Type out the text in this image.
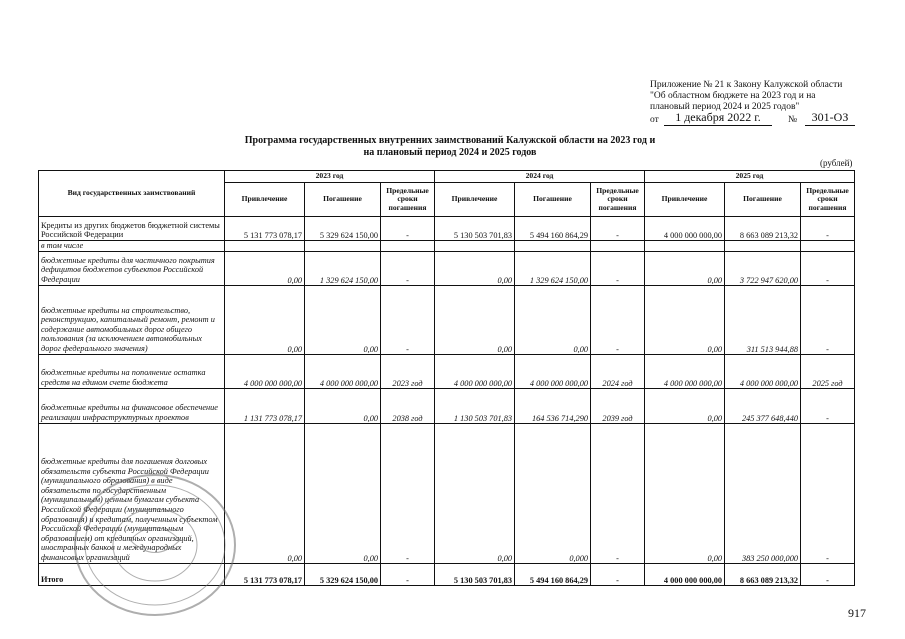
Приложение № 21 к Закону Калужской области
"Об областном бюджете на 2023 год и на
плановый период 2024 и 2025 годов"
от	1 декабря 2022 г.	№	301-ОЗ
Программа государственных внутренних заимствований Калужской области на 2023 год и
на плановый период 2024 и 2025 годов
(рублей)
Вид государственных заимствований	2023 год			2024 год			2025 год		
	Привлечение	Погашение	Предельные сроки погашения	Привлечение	Погашение	Предельные сроки погашения	Привлечение	Погашение	Предельные сроки погашения
Кредиты из других бюджетов бюджетной системы Российской Федерации	5 131 773 078,17	5 329 624 150,00	-	5 130 503 701,83	5 494 160 864,29	-	4 000 000 000,00	8 663 089 213,32	-
в том числе									
бюджетные кредиты для частичного покрытия дефицитов бюджетов субъектов Российской Федерации	0,00	1 329 624 150,00	-	0,00	1 329 624 150,00	-	0,00	3 722 947 620,00	-
бюджетные кредиты на строительство, реконструкцию, капитальный ремонт, ремонт и содержание автомобильных дорог общего пользования (за исключением автомобильных дорог федерального значения)	0,00	0,00	-	0,00	0,00	-	0,00	311 513 944,88	-
бюджетные кредиты на пополнение остатка средств на едином счете бюджета	4 000 000 000,00	4 000 000 000,00	2023 год	4 000 000 000,00	4 000 000 000,00	2024 год	4 000 000 000,00	4 000 000 000,00	2025 год
бюджетные кредиты на финансовое обеспечение реализации инфраструктурных проектов	1 131 773 078,17	0,00	2038 год	1 130 503 701,83	164 536 714,290	2039 год	0,00	245 377 648,440	-
бюджетные кредиты для погашения долговых обязательств субъекта Российской Федерации (муниципального образования) в виде обязательств по государственным (муниципальным) ценным бумагам субъекта Российской Федерации (муниципального образования) и кредитам, полученным субъектом Российской Федерации (муниципальным образованием) от кредитных организаций, иностранных банков и международных финансовых организаций	0,00	0,00	-	0,00	0,000	-	0,00	383 250 000,000	-
Итого	5 131 773 078,17	5 329 624 150,00	-	5 130 503 701,83	5 494 160 864,29	-	4 000 000 000,00	8 663 089 213,32	-
917
